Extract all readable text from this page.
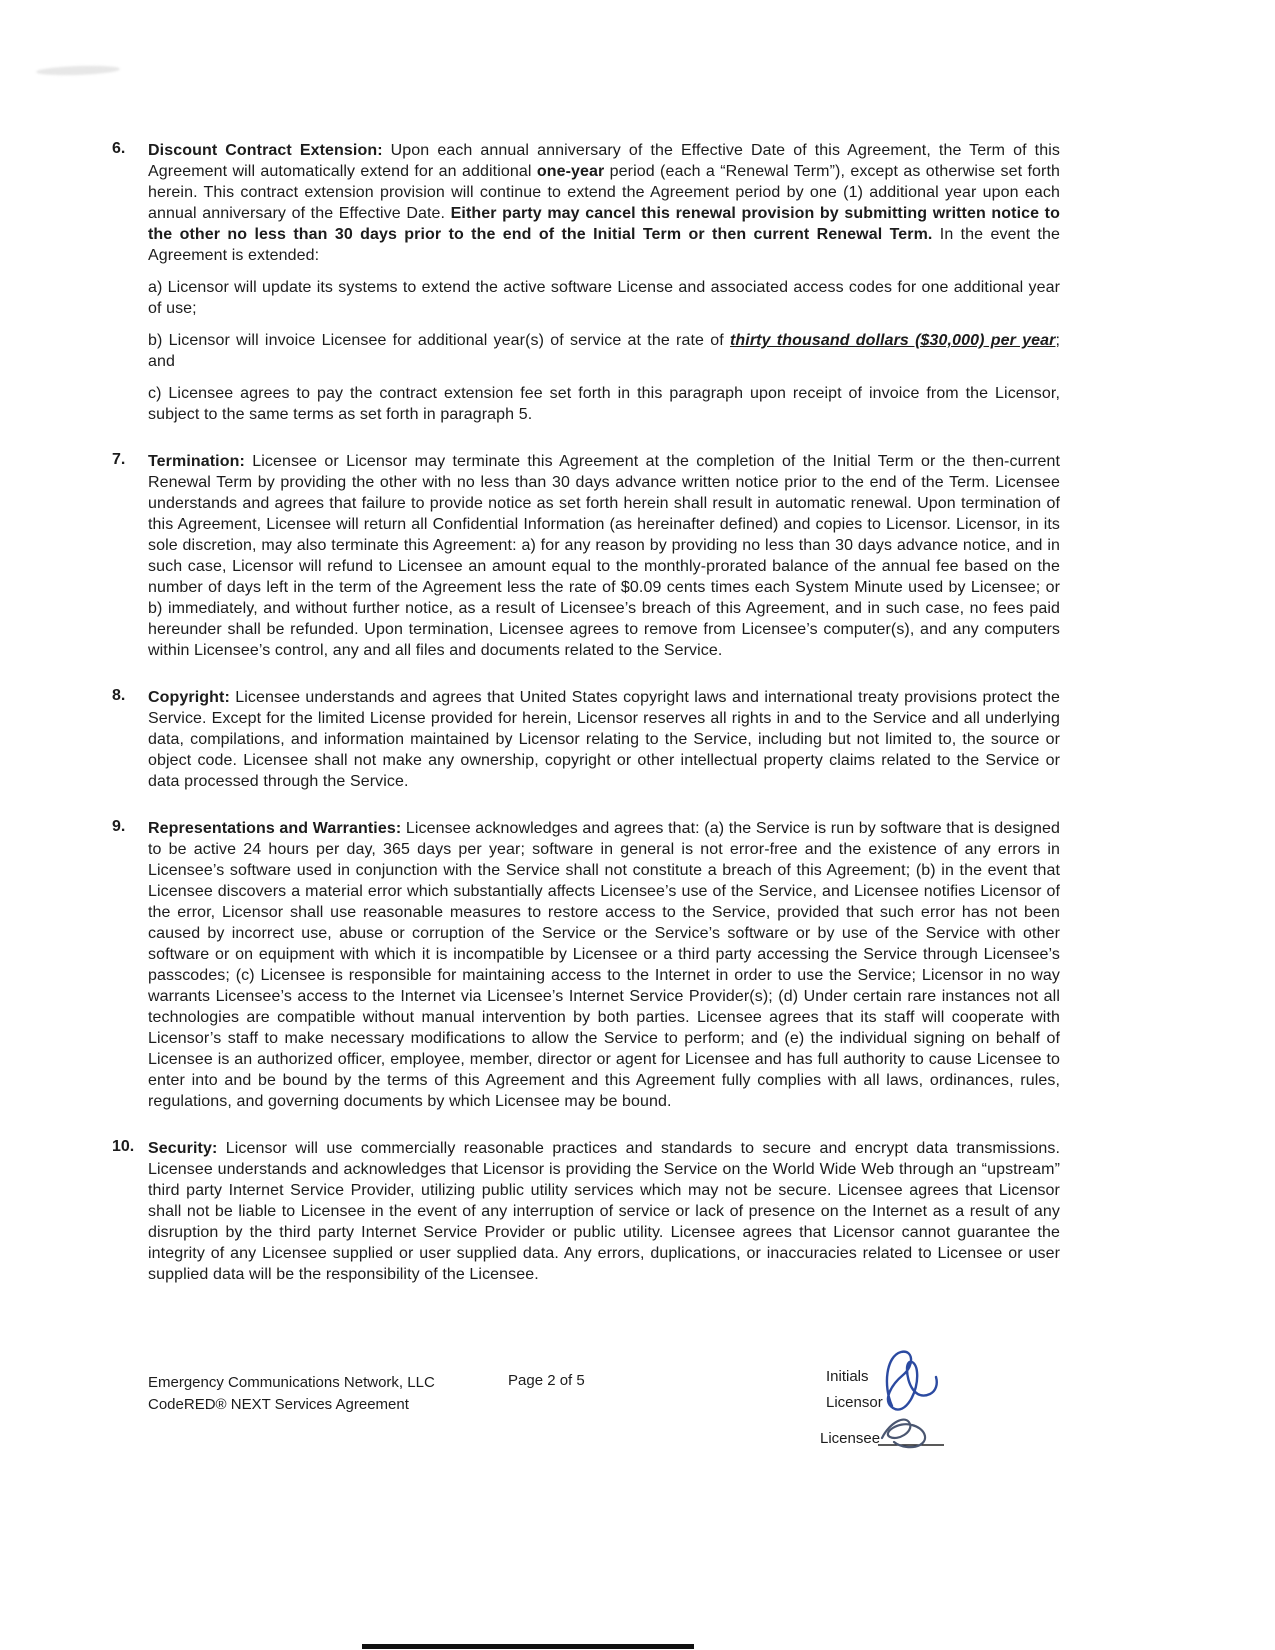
6. Discount Contract Extension: Upon each annual anniversary of the Effective Date of this Agreement, the Term of this Agreement will automatically extend for an additional one-year period (each a “Renewal Term”), except as otherwise set forth herein. This contract extension provision will continue to extend the Agreement period by one (1) additional year upon each annual anniversary of the Effective Date. Either party may cancel this renewal provision by submitting written notice to the other no less than 30 days prior to the end of the Initial Term or then current Renewal Term. In the event the Agreement is extended:

a) Licensor will update its systems to extend the active software License and associated access codes for one additional year of use;

b) Licensor will invoice Licensee for additional year(s) of service at the rate of thirty thousand dollars ($30,000) per year; and

c) Licensee agrees to pay the contract extension fee set forth in this paragraph upon receipt of invoice from the Licensor, subject to the same terms as set forth in paragraph 5.

7. Termination: Licensee or Licensor may terminate this Agreement at the completion of the Initial Term or the then-current Renewal Term by providing the other with no less than 30 days advance written notice prior to the end of the Term. Licensee understands and agrees that failure to provide notice as set forth herein shall result in automatic renewal. Upon termination of this Agreement, Licensee will return all Confidential Information (as hereinafter defined) and copies to Licensor. Licensor, in its sole discretion, may also terminate this Agreement: a) for any reason by providing no less than 30 days advance notice, and in such case, Licensor will refund to Licensee an amount equal to the monthly-prorated balance of the annual fee based on the number of days left in the term of the Agreement less the rate of $0.09 cents times each System Minute used by Licensee; or b) immediately, and without further notice, as a result of Licensee’s breach of this Agreement, and in such case, no fees paid hereunder shall be refunded. Upon termination, Licensee agrees to remove from Licensee’s computer(s), and any computers within Licensee’s control, any and all files and documents related to the Service.

8. Copyright: Licensee understands and agrees that United States copyright laws and international treaty provisions protect the Service. Except for the limited License provided for herein, Licensor reserves all rights in and to the Service and all underlying data, compilations, and information maintained by Licensor relating to the Service, including but not limited to, the source or object code. Licensee shall not make any ownership, copyright or other intellectual property claims related to the Service or data processed through the Service.

9. Representations and Warranties: Licensee acknowledges and agrees that: (a) the Service is run by software that is designed to be active 24 hours per day, 365 days per year; software in general is not error-free and the existence of any errors in Licensee’s software used in conjunction with the Service shall not constitute a breach of this Agreement; (b) in the event that Licensee discovers a material error which substantially affects Licensee’s use of the Service, and Licensee notifies Licensor of the error, Licensor shall use reasonable measures to restore access to the Service, provided that such error has not been caused by incorrect use, abuse or corruption of the Service or the Service’s software or by use of the Service with other software or on equipment with which it is incompatible by Licensee or a third party accessing the Service through Licensee’s passcodes; (c) Licensee is responsible for maintaining access to the Internet in order to use the Service; Licensor in no way warrants Licensee’s access to the Internet via Licensee’s Internet Service Provider(s); (d) Under certain rare instances not all technologies are compatible without manual intervention by both parties. Licensee agrees that its staff will cooperate with Licensor’s staff to make necessary modifications to allow the Service to perform; and (e) the individual signing on behalf of Licensee is an authorized officer, employee, member, director or agent for Licensee and has full authority to cause Licensee to enter into and be bound by the terms of this Agreement and this Agreement fully complies with all laws, ordinances, rules, regulations, and governing documents by which Licensee may be bound.

10. Security: Licensor will use commercially reasonable practices and standards to secure and encrypt data transmissions. Licensee understands and acknowledges that Licensor is providing the Service on the World Wide Web through an “upstream” third party Internet Service Provider, utilizing public utility services which may not be secure. Licensee agrees that Licensor shall not be liable to Licensee in the event of any interruption of service or lack of presence on the Internet as a result of any disruption by the third party Internet Service Provider or public utility. Licensee agrees that Licensor cannot guarantee the integrity of any Licensee supplied or user supplied data. Any errors, duplications, or inaccuracies related to Licensee or user supplied data will be the responsibility of the Licensee.

Emergency Communications Network, LLC
CodeRED® NEXT Services Agreement
Page 2 of 5	Initials
Licensor
Licensee
